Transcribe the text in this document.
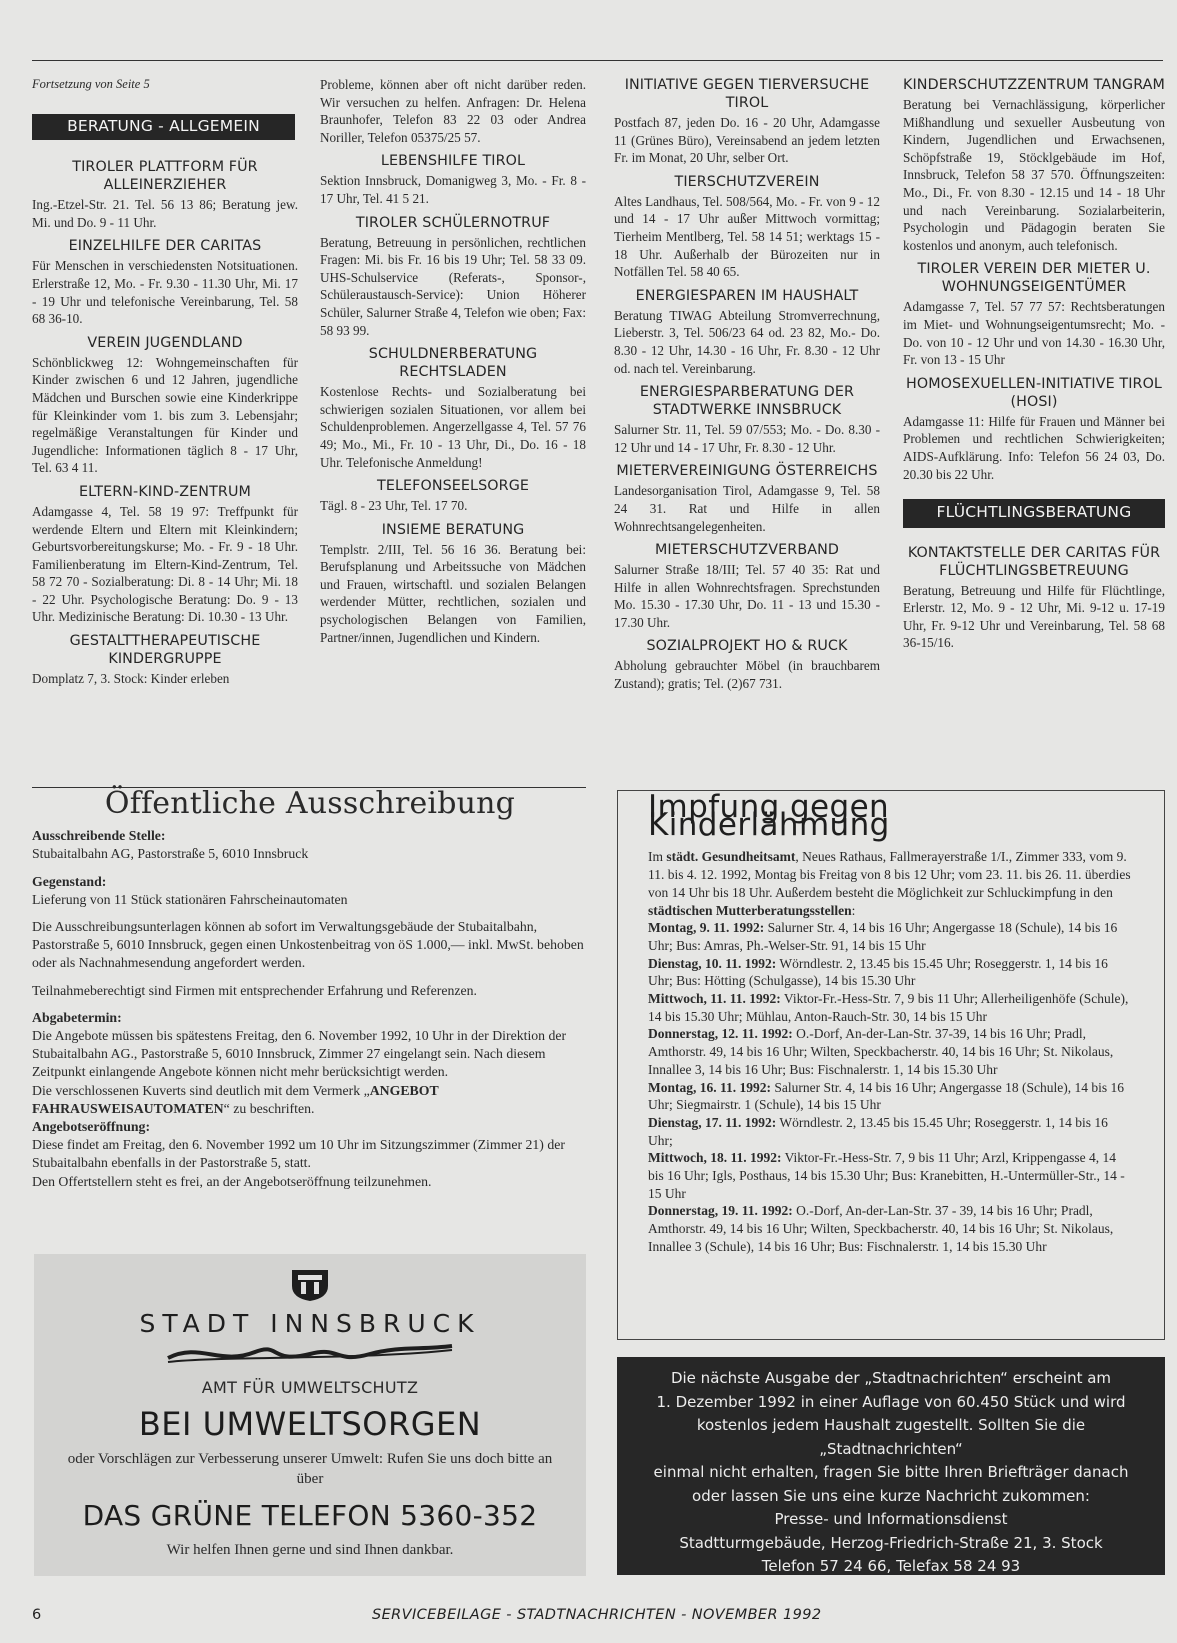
Fortsetzung von Seite 5
BERATUNG - ALLGEMEIN
TIROLER PLATTFORM FÜR ALLEINERZIEHER

Ing.-Etzel-Str. 21. Tel. 56 13 86; Beratung jew. Mi. und Do. 9 - 11 Uhr.

EINZELHILFE DER CARITAS

Für Menschen in verschiedensten Notsituationen. Erlerstraße 12, Mo. - Fr. 9.30 - 11.30 Uhr, Mi. 17 - 19 Uhr und telefonische Vereinbarung, Tel. 58 68 36-10.

VEREIN JUGENDLAND

Schönblickweg 12: Wohngemeinschaften für Kinder zwischen 6 und 12 Jahren, jugendliche Mädchen und Burschen sowie eine Kinderkrippe für Kleinkinder vom 1. bis zum 3. Lebensjahr; regelmäßige Veranstaltungen für Kinder und Jugendliche: Informationen täglich 8 - 17 Uhr, Tel. 63 4 11.

ELTERN-KIND-ZENTRUM

Adamgasse 4, Tel. 58 19 97: Treffpunkt für werdende Eltern und Eltern mit Kleinkindern; Geburtsvorbereitungskurse; Mo. - Fr. 9 - 18 Uhr. Familienberatung im Eltern-Kind-Zentrum, Tel. 58 72 70 - Sozialberatung: Di. 8 - 14 Uhr; Mi. 18 - 22 Uhr. Psychologische Beratung: Do. 9 - 13 Uhr. Medizinische Beratung: Di. 10.30 - 13 Uhr.

GESTALTTHERAPEUTISCHE KINDERGRUPPE

Domplatz 7, 3. Stock: Kinder erleben

Probleme, können aber oft nicht darüber reden. Wir versuchen zu helfen. Anfragen: Dr. Helena Braunhofer, Telefon 83 22 03 oder Andrea Noriller, Telefon 05375/25 57.

LEBENSHILFE TIROL

Sektion Innsbruck, Domanigweg 3, Mo. - Fr. 8 - 17 Uhr, Tel. 41 5 21.

TIROLER SCHÜLERNOTRUF

Beratung, Betreuung in persönlichen, rechtlichen Fragen: Mi. bis Fr. 16 bis 19 Uhr; Tel. 58 33 09. UHS-Schulservice (Referats-, Sponsor-, Schüleraustausch-Service): Union Höherer Schüler, Salurner Straße 4, Telefon wie oben; Fax: 58 93 99.

SCHULDNERBERATUNG RECHTSLADEN

Kostenlose Rechts- und Sozialberatung bei schwierigen sozialen Situationen, vor allem bei Schuldenproblemen. Angerzellgasse 4, Tel. 57 76 49; Mo., Mi., Fr. 10 - 13 Uhr, Di., Do. 16 - 18 Uhr. Telefonische Anmeldung!

TELEFONSEELSORGE

Tägl. 8 - 23 Uhr, Tel. 17 70.

INSIEME BERATUNG

Templstr. 2/III, Tel. 56 16 36. Beratung bei: Berufsplanung und Arbeitssuche von Mädchen und Frauen, wirtschaftl. und sozialen Belangen werdender Mütter, rechtlichen, sozialen und psychologischen Belangen von Familien, Partner/innen, Jugendlichen und Kindern.

INITIATIVE GEGEN TIERVERSUCHE TIROL

Postfach 87, jeden Do. 16 - 20 Uhr, Adamgasse 11 (Grünes Büro), Vereinsabend an jedem letzten Fr. im Monat, 20 Uhr, selber Ort.

TIERSCHUTZVEREIN

Altes Landhaus, Tel. 508/564, Mo. - Fr. von 9 - 12 und 14 - 17 Uhr außer Mittwoch vormittag; Tierheim Mentlberg, Tel. 58 14 51; werktags 15 - 18 Uhr. Außerhalb der Bürozeiten nur in Notfällen Tel. 58 40 65.

ENERGIESPAREN IM HAUSHALT

Beratung TIWAG Abteilung Stromverrechnung, Lieberstr. 3, Tel. 506/23 64 od. 23 82, Mo.- Do. 8.30 - 12 Uhr, 14.30 - 16 Uhr, Fr. 8.30 - 12 Uhr od. nach tel. Vereinbarung.

ENERGIESPARBERATUNG DER STADTWERKE INNSBRUCK

Salurner Str. 11, Tel. 59 07/553; Mo. - Do. 8.30 - 12 Uhr und 14 - 17 Uhr, Fr. 8.30 - 12 Uhr.

MIETERVEREINIGUNG ÖSTERREICHS

Landesorganisation Tirol, Adamgasse 9, Tel. 58 24 31. Rat und Hilfe in allen Wohnrechtsangelegenheiten.

MIETERSCHUTZVERBAND

Salurner Straße 18/III; Tel. 57 40 35: Rat und Hilfe in allen Wohnrechtsfragen. Sprechstunden Mo. 15.30 - 17.30 Uhr, Do. 11 - 13 und 15.30 - 17.30 Uhr.

SOZIALPROJEKT HO & RUCK

Abholung gebrauchter Möbel (in brauchbarem Zustand); gratis; Tel. (2)67 731.

KINDERSCHUTZZENTRUM TANGRAM

Beratung bei Vernachlässigung, körperlicher Mißhandlung und sexueller Ausbeutung von Kindern, Jugendlichen und Erwachsenen, Schöpfstraße 19, Stöcklgebäude im Hof, Innsbruck, Telefon 58 37 570. Öffnungszeiten: Mo., Di., Fr. von 8.30 - 12.15 und 14 - 18 Uhr und nach Vereinbarung. Sozialarbeiterin, Psychologin und Pädagogin beraten Sie kostenlos und anonym, auch telefonisch.

TIROLER VEREIN DER MIETER U. WOHNUNGSEIGENTÜMER

Adamgasse 7, Tel. 57 77 57: Rechtsberatungen im Miet- und Wohnungseigentumsrecht; Mo. - Do. von 10 - 12 Uhr und von 14.30 - 16.30 Uhr, Fr. von 13 - 15 Uhr

HOMOSEXUELLEN-INITIATIVE TIROL (HOSI)

Adamgasse 11: Hilfe für Frauen und Männer bei Problemen und rechtlichen Schwierigkeiten; AIDS-Aufklärung. Info: Telefon 56 24 03, Do. 20.30 bis 22 Uhr.

FLÜCHTLINGSBERATUNG
KONTAKTSTELLE DER CARITAS FÜR FLÜCHTLINGSBETREUUNG

Beratung, Betreuung und Hilfe für Flüchtlinge, Erlerstr. 12, Mo. 9 - 12 Uhr, Mi. 9-12 u. 17-19 Uhr, Fr. 9-12 Uhr und Vereinbarung, Tel. 58 68 36-15/16.

Öffentliche Ausschreibung
Ausschreibende Stelle:
Stubaitalbahn AG, Pastorstraße 5, 6010 Innsbruck
Gegenstand:
Lieferung von 11 Stück stationären Fahrscheinautomaten
Die Ausschreibungsunterlagen können ab sofort im Verwaltungsgebäude der Stubaitalbahn, Pastorstraße 5, 6010 Innsbruck, gegen einen Unkostenbeitrag von öS 1.000,— inkl. MwSt. behoben oder als Nachnahmesendung angefordert werden.
Teilnahmeberechtigt sind Firmen mit entsprechender Erfahrung und Referenzen.
Abgabetermin:
Die Angebote müssen bis spätestens Freitag, den 6. November 1992, 10 Uhr in der Direktion der Stubaitalbahn AG., Pastorstraße 5, 6010 Innsbruck, Zimmer 27 eingelangt sein. Nach diesem Zeitpunkt einlangende Angebote können nicht mehr berücksichtigt werden.
Die verschlossenen Kuverts sind deutlich mit dem Vermerk „ANGEBOT FAHRAUSWEISAUTOMATEN“ zu beschriften.
Angebotseröffnung:
Diese findet am Freitag, den 6. November 1992 um 10 Uhr im Sitzungszimmer (Zimmer 21) der Stubaitalbahn ebenfalls in der Pastorstraße 5, statt.
Den Offertstellern steht es frei, an der Angebotseröffnung teilzunehmen.
STADT INNSBRUCK
AMT FÜR UMWELTSCHUTZ
BEI UMWELTSORGEN
oder Vorschlägen zur Verbesserung unserer Umwelt: Rufen Sie uns doch bitte an über
DAS GRÜNE TELEFON 5360-352
Wir helfen Ihnen gerne und sind Ihnen dankbar.
Impfung gegen Kinderlähmung

Im städt. Gesundheitsamt, Neues Rathaus, Fallmerayerstraße 1/I., Zimmer 333, vom 9. 11. bis 4. 12. 1992, Montag bis Freitag von 8 bis 12 Uhr; vom 23. 11. bis 26. 11. überdies von 14 Uhr bis 18 Uhr. Außerdem besteht die Möglichkeit zur Schluckimpfung in den städtischen Mutterberatungsstellen:

Montag, 9. 11. 1992: Salurner Str. 4, 14 bis 16 Uhr; Angergasse 18 (Schule), 14 bis 16 Uhr; Bus: Amras, Ph.-Welser-Str. 91, 14 bis 15 Uhr

Dienstag, 10. 11. 1992: Wörndlestr. 2, 13.45 bis 15.45 Uhr; Roseggerstr. 1, 14 bis 16 Uhr; Bus: Hötting (Schulgasse), 14 bis 15.30 Uhr

Mittwoch, 11. 11. 1992: Viktor-Fr.-Hess-Str. 7, 9 bis 11 Uhr; Allerheiligenhöfe (Schule), 14 bis 15.30 Uhr; Mühlau, Anton-Rauch-Str. 30, 14 bis 15 Uhr

Donnerstag, 12. 11. 1992: O.-Dorf, An-der-Lan-Str. 37-39, 14 bis 16 Uhr; Pradl, Amthorstr. 49, 14 bis 16 Uhr; Wilten, Speckbacherstr. 40, 14 bis 16 Uhr; St. Nikolaus, Innallee 3, 14 bis 16 Uhr; Bus: Fischnalerstr. 1, 14 bis 15.30 Uhr

Montag, 16. 11. 1992: Salurner Str. 4, 14 bis 16 Uhr; Angergasse 18 (Schule), 14 bis 16 Uhr; Siegmairstr. 1 (Schule), 14 bis 15 Uhr

Dienstag, 17. 11. 1992: Wörndlestr. 2, 13.45 bis 15.45 Uhr; Roseggerstr. 1, 14 bis 16 Uhr;

Mittwoch, 18. 11. 1992: Viktor-Fr.-Hess-Str. 7, 9 bis 11 Uhr; Arzl, Krippengasse 4, 14 bis 16 Uhr; Igls, Posthaus, 14 bis 15.30 Uhr; Bus: Kranebitten, H.-Untermüller-Str., 14 - 15 Uhr

Donnerstag, 19. 11. 1992: O.-Dorf, An-der-Lan-Str. 37 - 39, 14 bis 16 Uhr; Pradl, Amthorstr. 49, 14 bis 16 Uhr; Wilten, Speckbacherstr. 40, 14 bis 16 Uhr; St. Nikolaus, Innallee 3 (Schule), 14 bis 16 Uhr; Bus: Fischnalerstr. 1, 14 bis 15.30 Uhr

Die nächste Ausgabe der „Stadtnachrichten“ erscheint am
1. Dezember 1992 in einer Auflage von 60.450 Stück und wird
kostenlos jedem Haushalt zugestellt. Sollten Sie die „Stadtnachrichten“
einmal nicht erhalten, fragen Sie bitte Ihren Briefträger danach
oder lassen Sie uns eine kurze Nachricht zukommen:
Presse- und Informationsdienst
Stadtturmgebäude, Herzog-Friedrich-Straße 21, 3. Stock
Telefon 57 24 66, Telefax 58 24 93
6	SERVICEBEILAGE - STADTNACHRICHTEN - NOVEMBER 1992
